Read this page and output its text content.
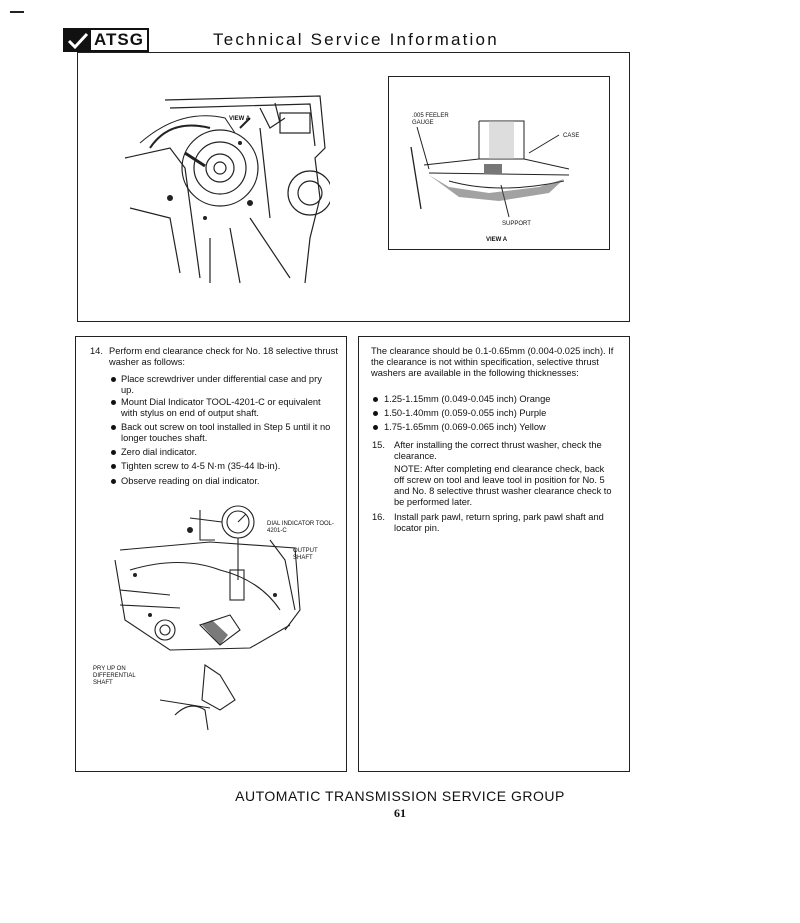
ATSG	Technical Service Information
VIEW A	.005 FEELER GAUGE
CASE
SUPPORT
VIEW A
14. Perform end clearance check for No. 18 selective thrust washer as follows:
Place screwdriver under differential case and pry up.
Mount Dial Indicator TOOL-4201-C or equivalent with stylus on end of output shaft.
Back out screw on tool installed in Step 5 until it no longer touches shaft.
Zero dial indicator.
Tighten screw to 4-5 N·m (35-44 lb-in).
Observe reading on dial indicator.
DIAL INDICATOR TOOL-4201-C
OUTPUT SHAFT
PRY UP ON DIFFERENTIAL SHAFT
The clearance should be 0.1-0.65mm (0.004-0.025 inch). If the clearance is not within specification, selective thrust washers are available in the following thicknesses:
1.25-1.15mm (0.049-0.045 inch) Orange
1.50-1.40mm (0.059-0.055 inch) Purple
1.75-1.65mm (0.069-0.065 inch) Yellow
15. After installing the correct thrust washer, check the clearance.
NOTE: After completing end clearance check, back off screw on tool and leave tool in position for No. 5 and No. 8 selective thrust washer clearance check to be performed later.
16. Install park pawl, return spring, park pawl shaft and locator pin.
AUTOMATIC TRANSMISSION SERVICE GROUP
61
